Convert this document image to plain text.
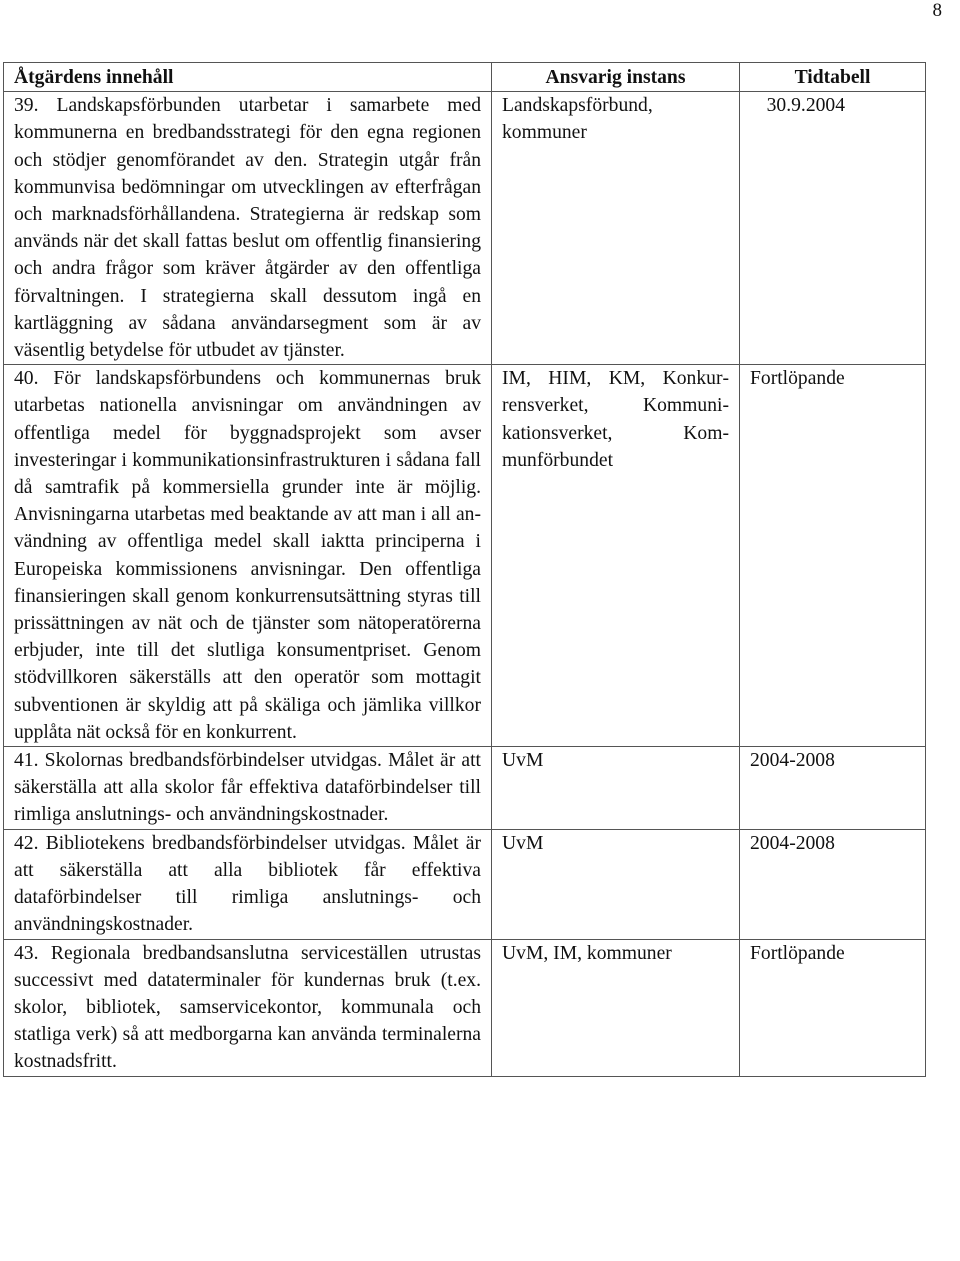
8
Åtgärdens innehåll	Ansvarig instans	Tidtabell
39. Landskapsförbunden utarbetar i samarbete med kommunerna en bredbandsstrategi för den egna regionen och stödjer genomförandet av den. Strategin utgår från kommunvisa bedömningar om utvecklingen av efterfrågan och marknadsförhållandena. Strategierna är redskap som används när det skall fattas beslut om offentlig finansiering och andra frågor som kräver åtgärder av den offentliga förvaltningen. I strategierna skall dessutom ingå en kartläggning av sådana användarsegment som är av väsentlig betydelse för utbudet av tjänster.	Landskapsförbund, kommuner	30.9.2004
40. För landskapsförbundens och kommunernas bruk utarbetas nationella anvisningar om användningen av offentliga medel för byggnadsprojekt som avser investeringar i kommunikationsinfrastrukturen i sådana fall då samtrafik på kommersiella grunder inte är möjlig. Anvisningarna utarbetas med beaktande av att man i all användning av offentliga medel skall iaktta principerna i Europeiska kommissionens anvisningar. Den offentliga finansieringen skall genom konkurrensutsättning styras till prissättningen av nät och de tjänster som nätoperatörerna erbjuder, inte till det slutliga konsumentpriset. Genom stödvillkoren säkerställs att den operatör som mottagit subventionen är skyldig att på skäliga och jämlika villkor upplåta nät också för en konkurrent.	IM, HIM, KM, Konkurrensverket, Kommunikationsverket, Kommunförbundet	Fortlöpande
41. Skolornas bredbandsförbindelser utvidgas. Målet är att säkerställa att alla skolor får effektiva dataförbindelser till rimliga anslutnings- och användningskostnader.	UvM	2004-2008
42. Bibliotekens bredbandsförbindelser utvidgas. Målet är att säkerställa att alla bibliotek får effektiva dataförbindelser till rimliga anslutnings- och användningskostnader.	UvM	2004-2008
43. Regionala bredbandsanslutna serviceställen utrustas successivt med dataterminaler för kundernas bruk (t.ex. skolor, bibliotek, samservicekontor, kommunala och statliga verk) så att medborgarna kan använda terminalerna kostnadsfritt.	UvM, IM, kommuner	Fortlöpande
